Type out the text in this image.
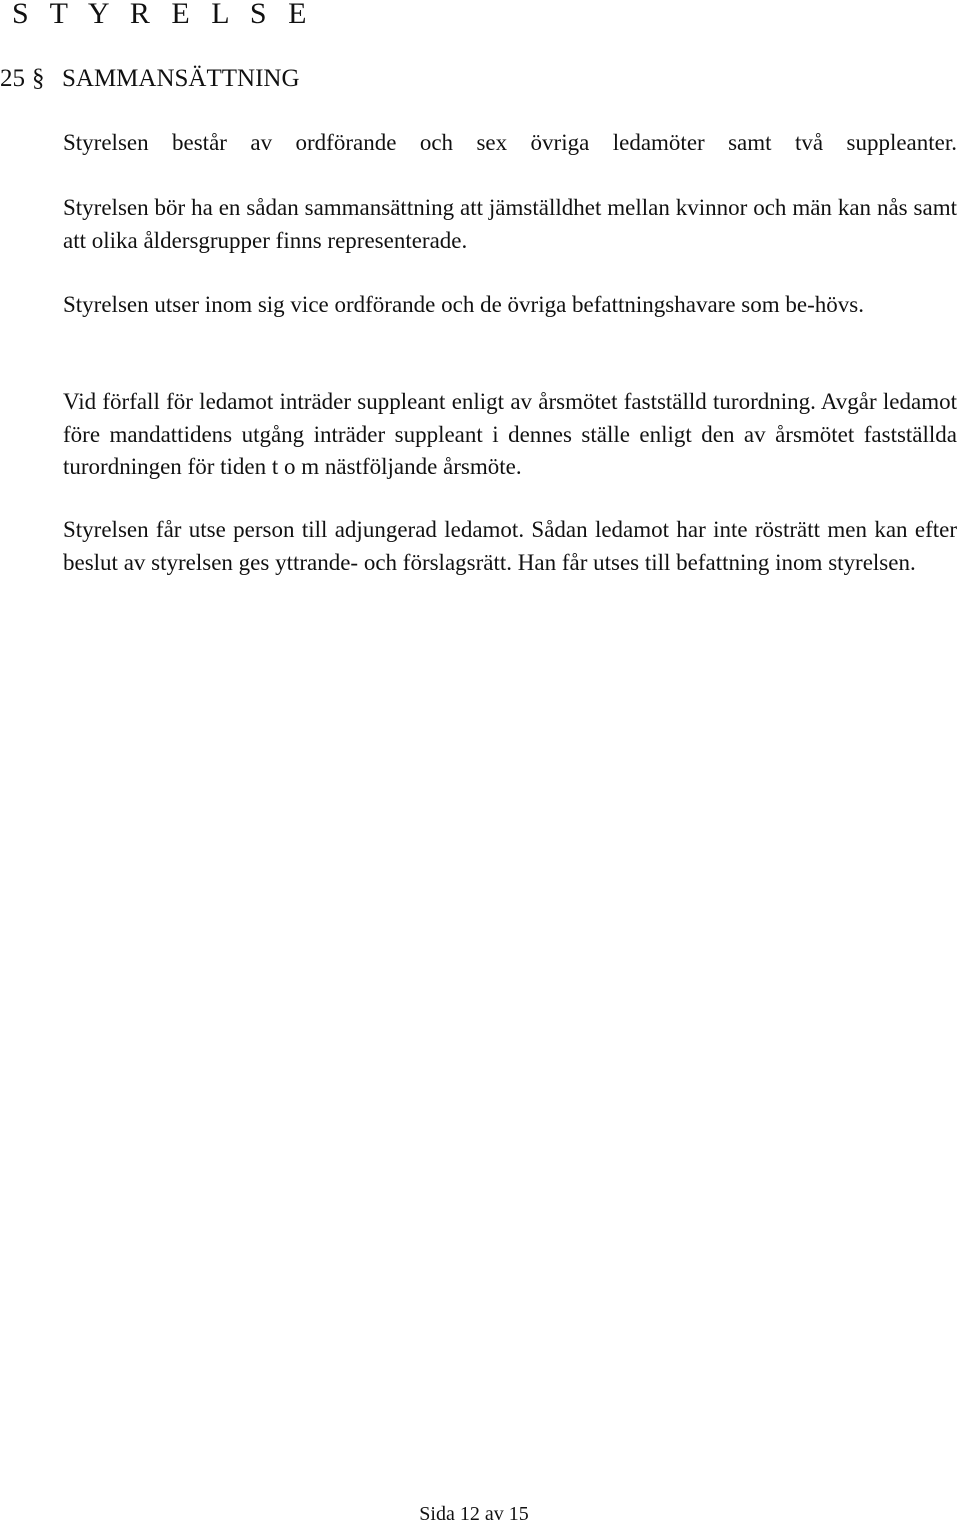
S T Y R E L S E
25 § SAMMANSÄTTNING

Styrelsen består av ordförande och sex övriga ledamöter samt två suppleanter.

Styrelsen bör ha en sådan sammansättning att jämställdhet mellan kvinnor och män kan nås samt att olika åldersgrupper finns representerade.

Styrelsen utser inom sig vice ordförande och de övriga befattningshavare som be-hövs.

Vid förfall för ledamot inträder suppleant enligt av årsmötet fastställd turordning. Avgår ledamot före mandattidens utgång inträder suppleant i dennes ställe enligt den av årsmötet fastställda turordningen för tiden t o m nästföljande årsmöte.

Styrelsen får utse person till adjungerad ledamot. Sådan ledamot har inte rösträtt men kan efter beslut av styrelsen ges yttrande- och förslagsrätt. Han får utses till befattning inom styrelsen.

Sida 12 av 15
